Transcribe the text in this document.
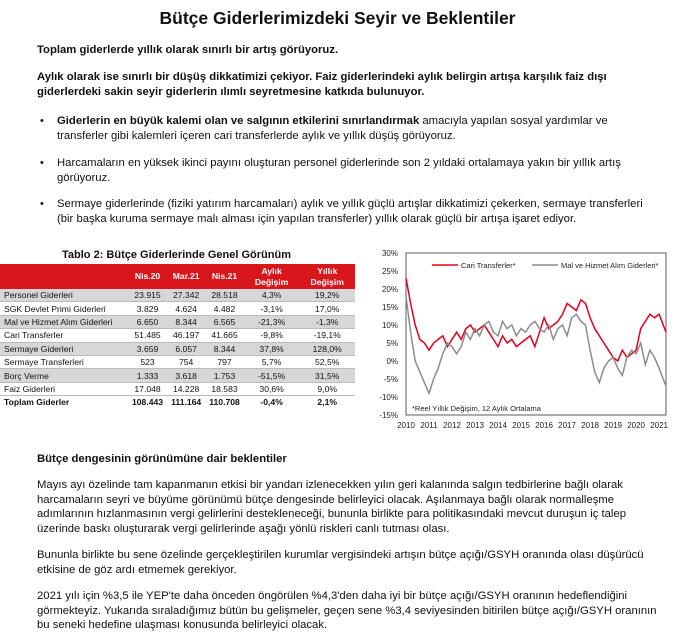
Bütçe Giderlerimizdeki Seyir ve Beklentiler
Toplam giderlerde yıllık olarak sınırlı bir artış görüyoruz.
Aylık olarak ise sınırlı bir düşüş dikkatimizi çekiyor. Faiz giderlerindeki aylık belirgin artışa karşılık faiz dışı giderlerdeki sakin seyir giderlerin ılımlı seyretmesine katkıda bulunuyor.
• Giderlerin en büyük kalemi olan ve salgının etkilerini sınırlandırmak amacıyla yapılan sosyal yardımlar ve transferler gibi kalemleri içeren cari transferlerde aylık ve yıllık düşüş görüyoruz.
• Harcamaların en yüksek ikinci payını oluşturan personel giderlerinde son 2 yıldaki ortalamaya yakın bir yıllık artış görüyoruz.
• Sermaye giderlerinde (fiziki yatırım harcamaları) aylık ve yıllık güçlü artışlar dikkatimizi çekerken, sermaye transferleri (bir başka kuruma sermaye malı alması için yapılan transferler) yıllık olarak güçlü bir artışa işaret ediyor.
Tablo 2: Bütçe Giderlerinde Genel Görünüm
	Nis.20	Mar.21	Nis.21	Aylık Değişim	Yıllık Değişim
Personel Giderleri	23.915	27.342	28.518	4,3%	19,2%
SGK Devlet Primi Giderleri	3.829	4.624	4.482	-3,1%	17,0%
Mal ve Hizmet Alım Giderleri	6.650	8.344	6.565	-21,3%	-1,3%
Cari Transferler	51.485	46.197	41.665	-9,8%	-19,1%
Sermaye Giderleri	3.659	6.057	8.344	37,8%	128,0%
Sermaye Transferleri	523	754	797	5,7%	52,5%
Borç Verme	1.333	3.618	1.753	-51,5%	31,5%
Faiz Giderleri	17.048	14.228	18.583	30,6%	9,0%
Toplam Giderler	108.443	111.164	110.708	-0,4%	2,1%
30%
25%
20%
15%
10%
5%
0%
-5%
-10%
-15%
2010 2011 2012 2013 2014 2015 2016 2017 2018 2019 2020 2021
Cari Transferler*	Mal ve Hizmet Alım Giderleri*
*Reel Yıllık Değişim, 12 Aylık Ortalama
Bütçe dengesinin görünümüne dair beklentiler
Mayıs ayı özelinde tam kapanmanın etkisi bir yandan izlenecekken yılın geri kalanında salgın tedbirlerine bağlı olarak harcamaların seyri ve büyüme görünümü bütçe dengesinde belirleyici olacak. Aşılanmaya bağlı olarak normalleşme adımlarının hızlanmasının vergi gelirlerini destekleneceği, bununla birlikte para politikasındaki mevcut duruşun iç talep üzerinde baskı oluşturarak vergi gelirlerinde aşağı yönlü riskleri canlı tutması olası.
Bununla birlikte bu sene özelinde gerçekleştirilen kurumlar vergisindeki artışın bütçe açığı/GSYH oranında olası düşürücü etkisine de göz ardı etmemek gerekiyor.
2021 yılı için %3,5 ile YEP'te daha önceden öngörülen %4,3'den daha iyi bir bütçe açığı/GSYH oranının hedeflendiğini görmekteyiz. Yukarıda sıraladığımız bütün bu gelişmeler, geçen sene %3,4 seviyesinden bitirilen bütçe açığı/GSYH oranının bu seneki hedefine ulaşması konusunda belirleyici olacak.
